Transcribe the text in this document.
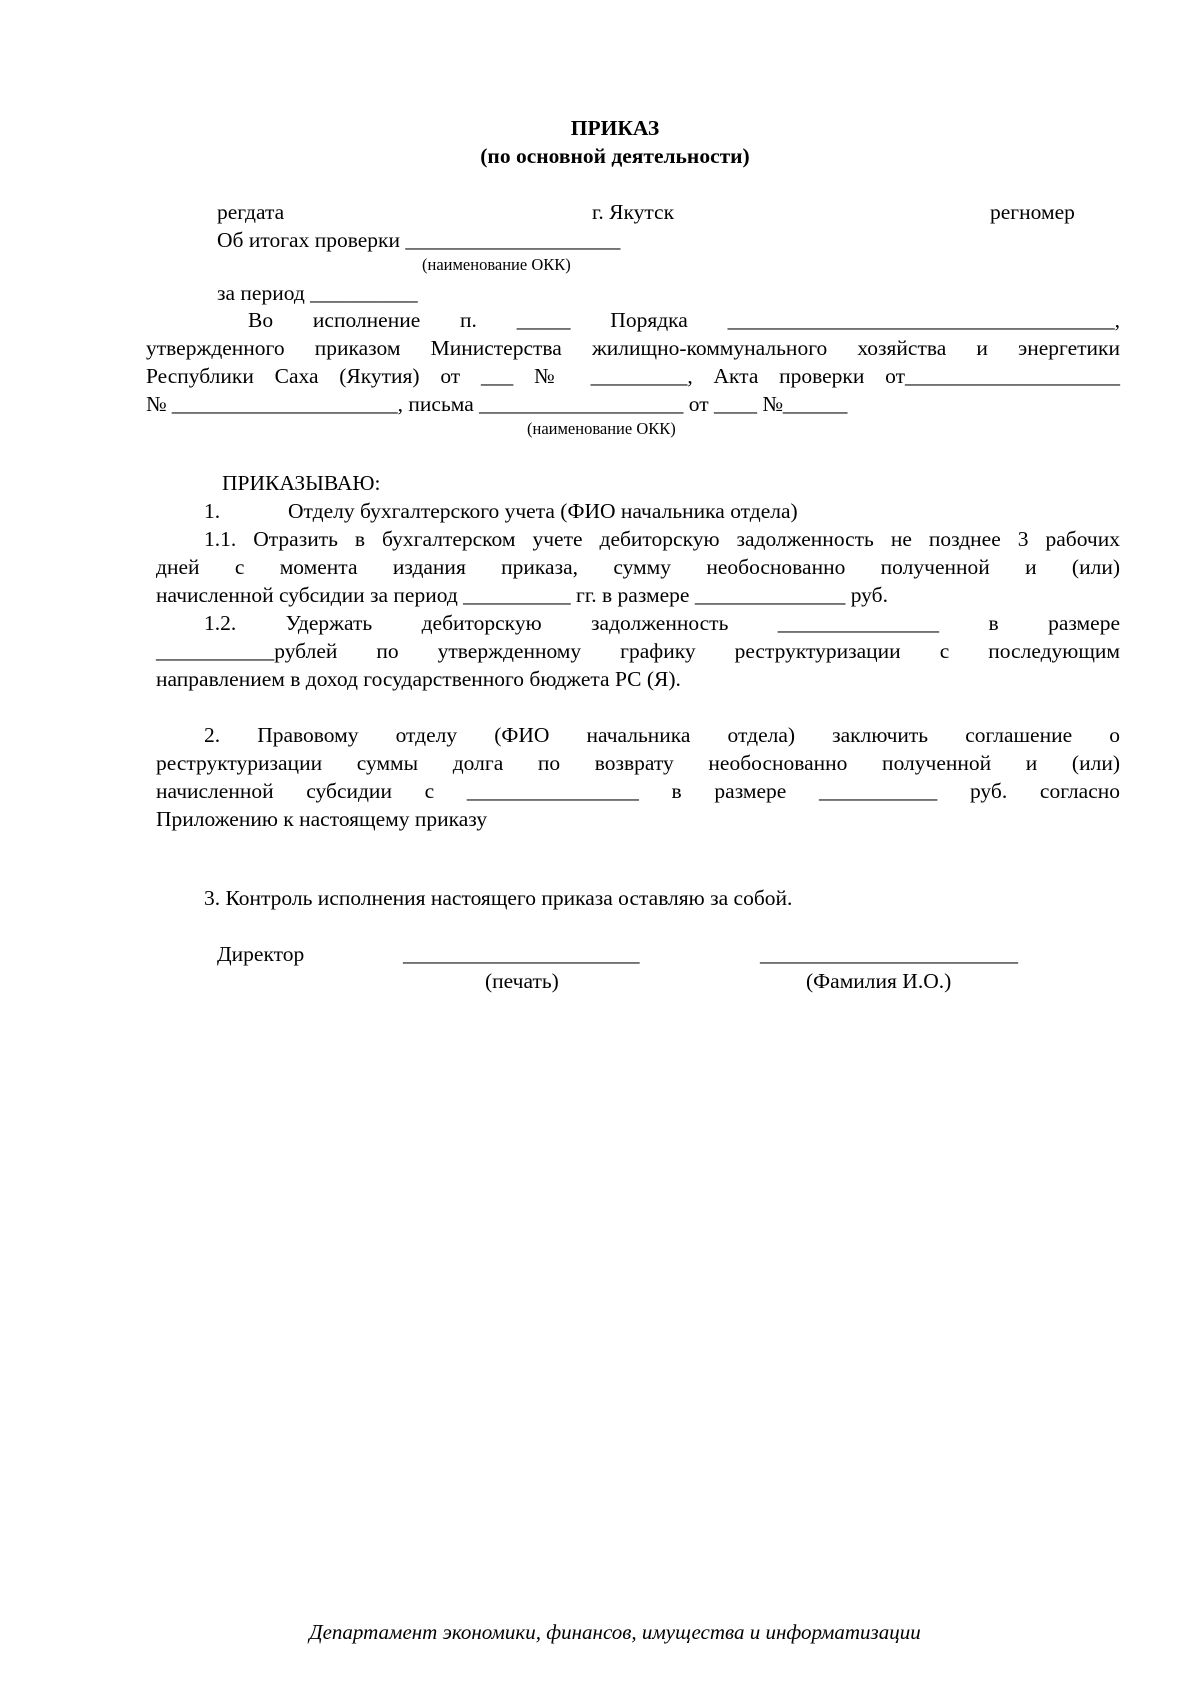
ПРИКАЗ
(по основной деятельности)
регдата	г. Якутск	регномер
Об итогах проверки ____________________
(наименование ОКК)
за период __________
Во исполнение п. _____ Порядка ____________________________________,
утвержденного приказом Министерства жилищно-коммунального хозяйства и энергетики
Республики Саха (Якутия) от ___ № _________, Акта проверки от____________________
№ _____________________, письма ___________________ от ____ №______
(наименование ОКК)
ПРИКАЗЫВАЮ:
1.	Отделу бухгалтерского учета (ФИО начальника отдела)
1.1. Отразить в бухгалтерском учете дебиторскую задолженность не позднее 3 рабочих
дней с момента издания приказа, сумму необоснованно полученной и (или)
начисленной субсидии за период __________ гг. в размере ______________ руб.
1.2. Удержать дебиторскую задолженность _______________ в размере
___________рублей по утвержденному графику реструктуризации с последующим
направлением в доход государственного бюджета РС (Я).
2. Правовому отделу (ФИО начальника отдела) заключить соглашение о
реструктуризации суммы долга по возврату необоснованно полученной и (или)
начисленной субсидии с ________________ в размере ___________ руб. согласно
Приложению к настоящему приказу
3. Контроль исполнения настоящего приказа оставляю за собой.
Директор	______________________	________________________
(печать)	(Фамилия И.О.)
Департамент экономики, финансов, имущества и информатизации
